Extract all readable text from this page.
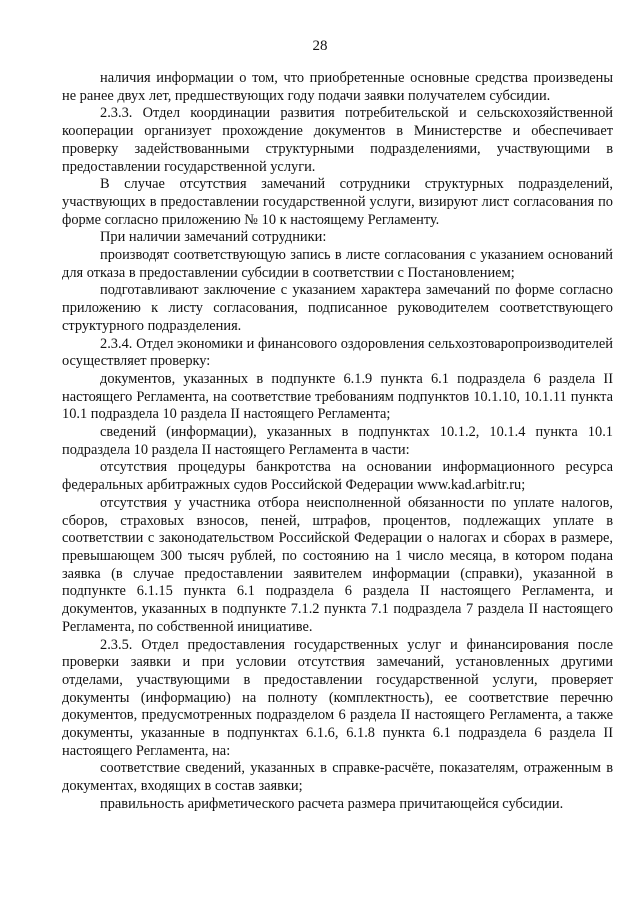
28

наличия информации о том, что приобретенные основные средства произведены не ранее двух лет, предшествующих году подачи заявки получателем субсидии.

2.3.3. Отдел координации развития потребительской и сельскохозяйственной кооперации организует прохождение документов в Министерстве и обеспечивает проверку задействованными структурными подразделениями, участвующими в предоставлении государственной услуги.

В случае отсутствия замечаний сотрудники структурных подразделений, участвующих в предоставлении государственной услуги, визируют лист согласования по форме согласно приложению № 10 к настоящему Регламенту.

При наличии замечаний сотрудники:

производят соответствующую запись в листе согласования с указанием оснований для отказа в предоставлении субсидии в соответствии с Постановлением;

подготавливают заключение с указанием характера замечаний по форме согласно приложению к листу согласования, подписанное руководителем соответствующего структурного подразделения.

2.3.4. Отдел экономики и финансового оздоровления сельхозтоваропроизводителей осуществляет проверку:

документов, указанных в подпункте 6.1.9 пункта 6.1 подраздела 6 раздела II настоящего Регламента, на соответствие требованиям подпунктов 10.1.10, 10.1.11 пункта 10.1 подраздела 10 раздела II настоящего Регламента;

сведений (информации), указанных в подпунктах 10.1.2, 10.1.4 пункта 10.1 подраздела 10 раздела II настоящего Регламента в части:

отсутствия процедуры банкротства на основании информационного ресурса федеральных арбитражных судов Российской Федерации www.kad.arbitr.ru;

отсутствия у участника отбора неисполненной обязанности по уплате налогов, сборов, страховых взносов, пеней, штрафов, процентов, подлежащих уплате в соответствии с законодательством Российской Федерации о налогах и сборах в размере, превышающем 300 тысяч рублей, по состоянию на 1 число месяца, в котором подана заявка (в случае предоставлении заявителем информации (справки), указанной в подпункте 6.1.15 пункта 6.1 подраздела 6 раздела II настоящего Регламента, и документов, указанных в подпункте 7.1.2 пункта 7.1 подраздела 7 раздела II настоящего Регламента, по собственной инициативе.

2.3.5. Отдел предоставления государственных услуг и финансирования после проверки заявки и при условии отсутствия замечаний, установленных другими отделами, участвующими в предоставлении государственной услуги, проверяет документы (информацию) на полноту (комплектность), ее соответствие перечню документов, предусмотренных подразделом 6 раздела II настоящего Регламента, а также документы, указанные в подпунктах 6.1.6, 6.1.8 пункта 6.1 подраздела 6 раздела II настоящего Регламента, на:

соответствие сведений, указанных в справке-расчёте, показателям, отраженным в документах, входящих в состав заявки;

правильность арифметического расчета размера причитающейся субсидии.
